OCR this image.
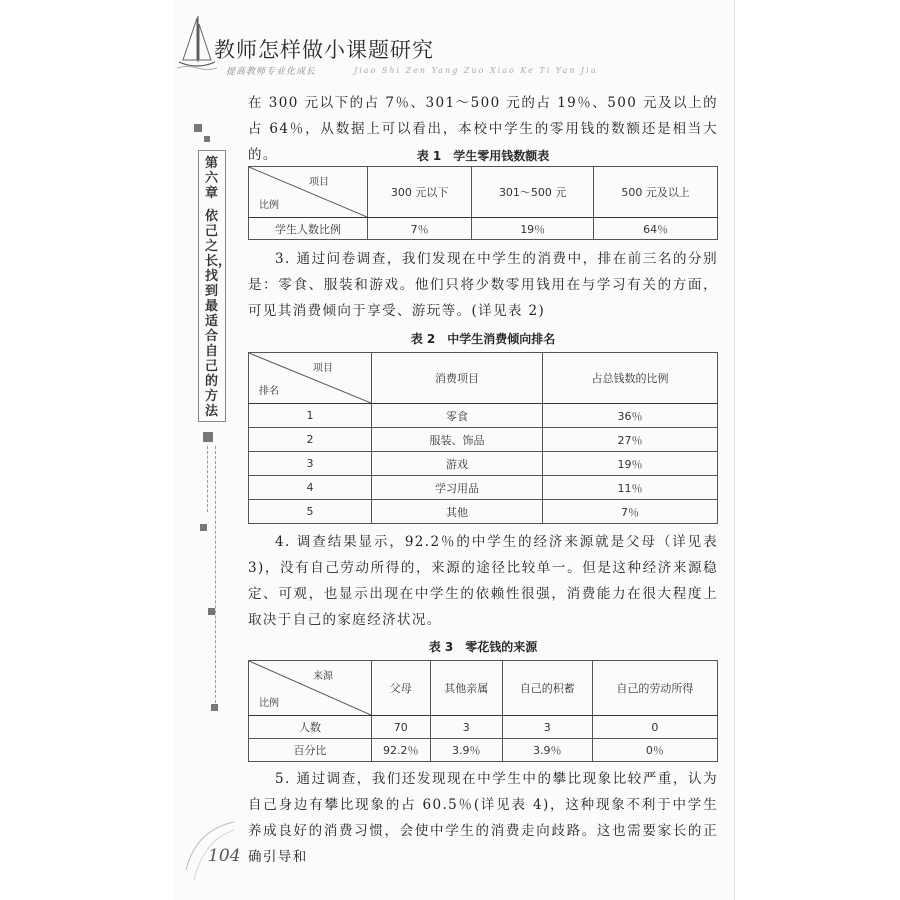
教师怎样做小课题研究
提高教师专业化成长	Jiao Shi Zen Yang Zuo Xiao Ke Ti Yan Jiu
第六章
依己之长，找到最适合自己的方法
在 300 元以下的占 7％、301～500 元的占 19％、500 元及以上的占 64％，从数据上可以看出，本校中学生的零用钱的数额还是相当大的。	表 1　学生零用钱数额表
项目
比例	300 元以下	301～500 元	500 元及以上
学生人数比例	7％	19％	64％
3. 通过问卷调查，我们发现在中学生的消费中，排在前三名的分别是：零食、服装和游戏。他们只将少数零用钱用在与学习有关的方面，可见其消费倾向于享受、游玩等。(详见表 2)
表 2　中学生消费倾向排名
项目
排名	消费项目	占总钱数的比例
1	零食	36％
2	服装、饰品	27％
3	游戏	19％
4	学习用品	11％
5	其他	7％
4. 调查结果显示，92.2％的中学生的经济来源就是父母（详见表 3)，没有自己劳动所得的，来源的途径比较单一。但是这种经济来源稳定、可观，也显示出现在中学生的依赖性很强，消费能力在很大程度上取决于自己的家庭经济状况。
表 3　零花钱的来源
来源
比例	父母	其他亲属	自己的积蓄	自己的劳动所得
人数	70	3	3	0
百分比	92.2％	3.9％	3.9％	0％
5. 通过调查，我们还发现现在中学生中的攀比现象比较严重，认为自己身边有攀比现象的占 60.5％(详见表 4)，这种现象不利于中学生养成良好的消费习惯，会使中学生的消费走向歧路。这也需要家长的正确引导和
104
